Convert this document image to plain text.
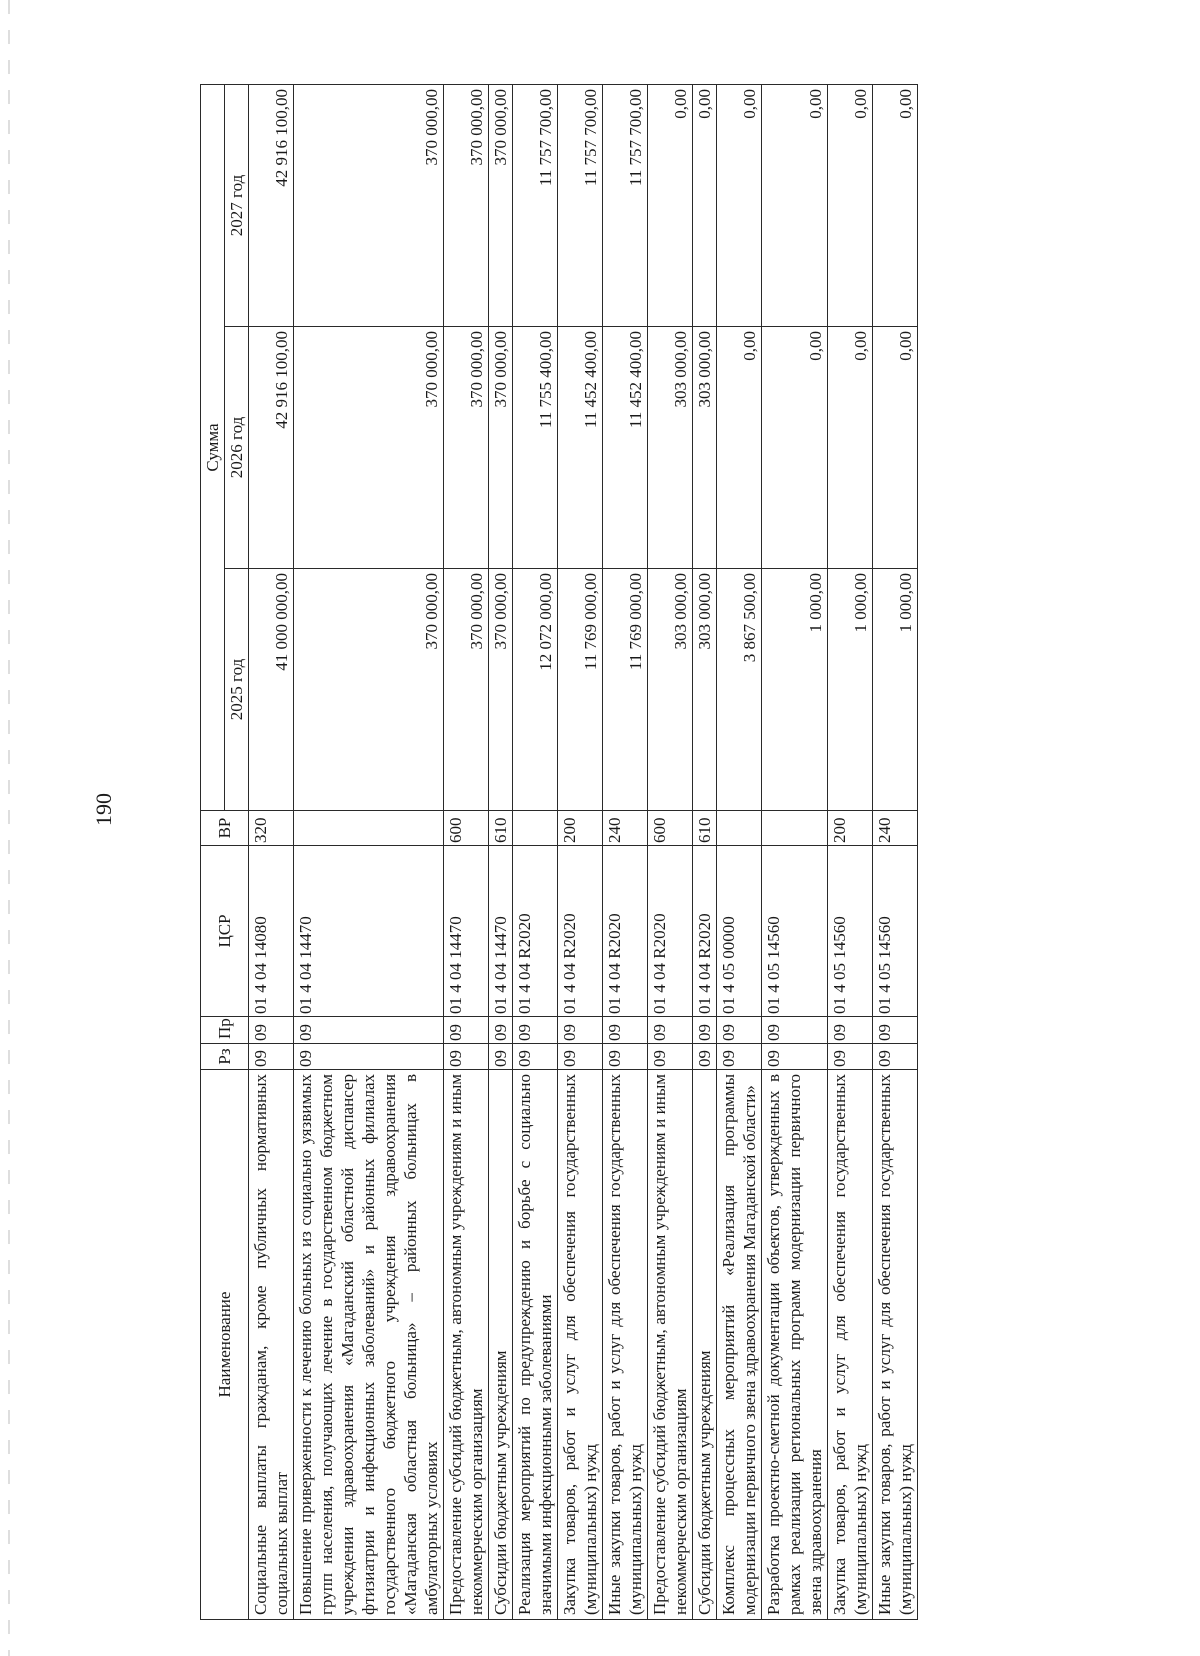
190
Наименование	Рз	Пр	ЦСР	ВР	Сумма		
					2025 год	2026 год	2027 год
Социальные выплаты гражданам, кроме публичных нормативных социальных выплат	09	09	01 4 04 14080	320	41 000 000,00	42 916 100,00	42 916 100,00
Повышение приверженности к лечению больных из социально уязвимых групп населения, получающих лечение в государственном бюджетном учреждении здравоохранения «Магаданский областной диспансер фтизиатрии и инфекционных заболеваний» и районных филиалах государственного бюджетного учреждения здравоохранения «Магаданская областная больница» – районных больницах в амбулаторных условиях	09	09	01 4 04 14470		370 000,00	370 000,00	370 000,00
Предоставление субсидий бюджетным, автономным учреждениям и иным некоммерческим организациям	09	09	01 4 04 14470	600	370 000,00	370 000,00	370 000,00
Субсидии бюджетным учреждениям	09	09	01 4 04 14470	610	370 000,00	370 000,00	370 000,00
Реализация мероприятий по предупреждению и борьбе с социально значимыми инфекционными заболеваниями	09	09	01 4 04 R2020		12 072 000,00	11 755 400,00	11 757 700,00
Закупка товаров, работ и услуг для обеспечения государственных (муниципальных) нужд	09	09	01 4 04 R2020	200	11 769 000,00	11 452 400,00	11 757 700,00
Иные закупки товаров, работ и услуг для обеспечения государственных (муниципальных) нужд	09	09	01 4 04 R2020	240	11 769 000,00	11 452 400,00	11 757 700,00
Предоставление субсидий бюджетным, автономным учреждениям и иным некоммерческим организациям	09	09	01 4 04 R2020	600	303 000,00	303 000,00	0,00
Субсидии бюджетным учреждениям	09	09	01 4 04 R2020	610	303 000,00	303 000,00	0,00
Комплекс процессных мероприятий «Реализация программы модернизации первичного звена здравоохранения Магаданской области»	09	09	01 4 05 00000		3 867 500,00	0,00	0,00
Разработка проектно-сметной документации объектов, утвержденных в рамках реализации региональных программ модернизации первичного звена здравоохранения	09	09	01 4 05 14560		1 000,00	0,00	0,00
Закупка товаров, работ и услуг для обеспечения государственных (муниципальных) нужд	09	09	01 4 05 14560	200	1 000,00	0,00	0,00
Иные закупки товаров, работ и услуг для обеспечения государственных (муниципальных) нужд	09	09	01 4 05 14560	240	1 000,00	0,00	0,00
